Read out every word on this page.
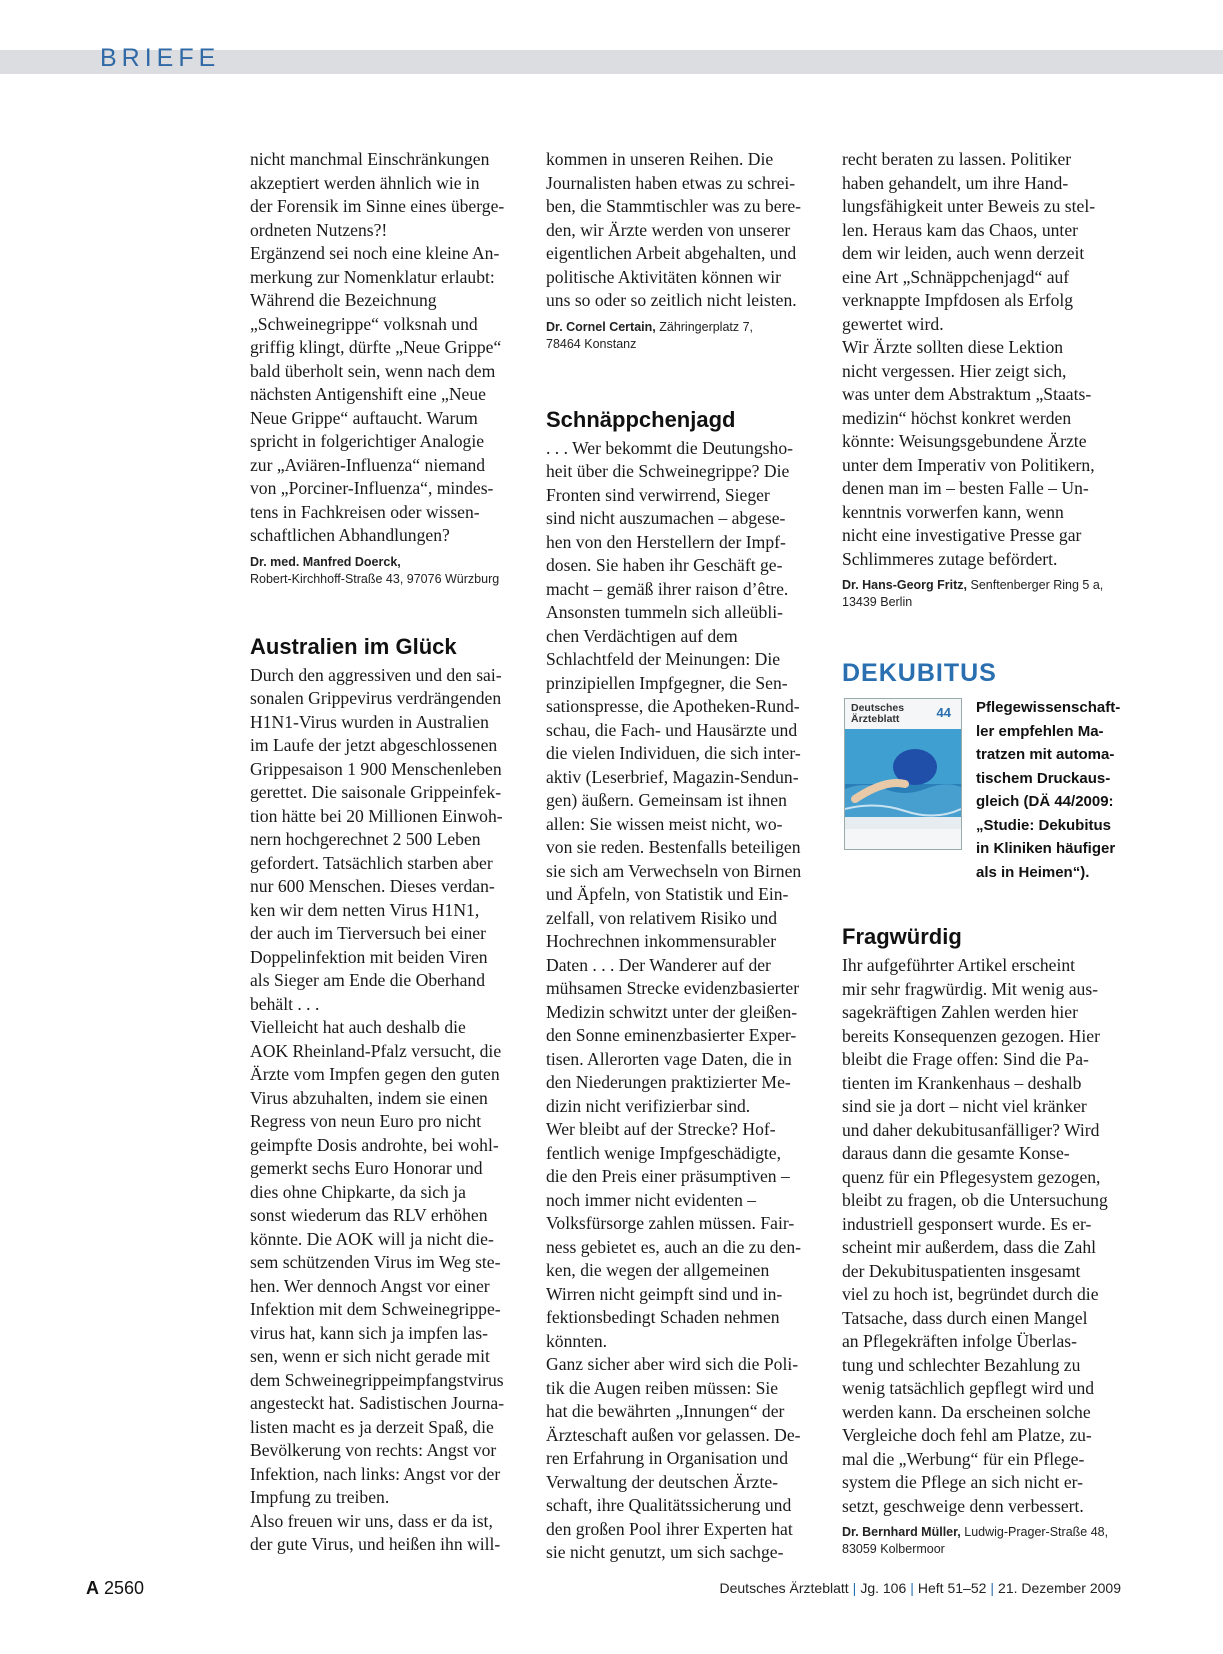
BRIEFE

nicht manchmal Einschränkungen
akzeptiert werden ähnlich wie in
der Forensik im Sinne eines überge-
ordneten Nutzens?!
Ergänzend sei noch eine kleine An-
merkung zur Nomenklatur erlaubt:
Während die Bezeichnung
„Schweinegrippe“ volksnah und
griffig klingt, dürfte „Neue Grippe“
bald überholt sein, wenn nach dem
nächsten Antigenshift eine „Neue
Neue Grippe“ auftaucht. Warum
spricht in folgerichtiger Analogie
zur „Aviären-Influenza“ niemand
von „Porciner-Influenza“, mindes-
tens in Fachkreisen oder wissen-
schaftlichen Abhandlungen?

Dr. med. Manfred Doerck,
Robert-Kirchhoff-Straße 43, 97076 Würzburg
Australien im Glück

Durch den aggressiven und den sai-
sonalen Grippevirus verdrängenden
H1N1-Virus wurden in Australien
im Laufe der jetzt abgeschlossenen
Grippesaison 1 900 Menschenleben
gerettet. Die saisonale Grippeinfek-
tion hätte bei 20 Millionen Einwoh-
nern hochgerechnet 2 500 Leben
gefordert. Tatsächlich starben aber
nur 600 Menschen. Dieses verdan-
ken wir dem netten Virus H1N1,
der auch im Tierversuch bei einer
Doppelinfektion mit beiden Viren
als Sieger am Ende die Oberhand
behält . . .
Vielleicht hat auch deshalb die
AOK Rheinland-Pfalz versucht, die
Ärzte vom Impfen gegen den guten
Virus abzuhalten, indem sie einen
Regress von neun Euro pro nicht
geimpfte Dosis androhte, bei wohl-
gemerkt sechs Euro Honorar und
dies ohne Chipkarte, da sich ja
sonst wiederum das RLV erhöhen
könnte. Die AOK will ja nicht die-
sem schützenden Virus im Weg ste-
hen. Wer dennoch Angst vor einer
Infektion mit dem Schweinegrippe-
virus hat, kann sich ja impfen las-
sen, wenn er sich nicht gerade mit
dem Schweinegrippeimpfangstvirus
angesteckt hat. Sadistischen Journa-
listen macht es ja derzeit Spaß, die
Bevölkerung von rechts: Angst vor
Infektion, nach links: Angst vor der
Impfung zu treiben.
Also freuen wir uns, dass er da ist,
der gute Virus, und heißen ihn will-

kommen in unseren Reihen. Die
Journalisten haben etwas zu schrei-
ben, die Stammtischler was zu bere-
den, wir Ärzte werden von unserer
eigentlichen Arbeit abgehalten, und
politische Aktivitäten können wir
uns so oder so zeitlich nicht leisten.

Dr. Cornel Certain, Zähringerplatz 7,
78464 Konstanz
Schnäppchenjagd

. . . Wer bekommt die Deutungsho-
heit über die Schweinegrippe? Die
Fronten sind verwirrend, Sieger
sind nicht auszumachen – abgese-
hen von den Herstellern der Impf-
dosen. Sie haben ihr Geschäft ge-
macht – gemäß ihrer raison d’être.
Ansonsten tummeln sich alleübli-
chen Verdächtigen auf dem
Schlachtfeld der Meinungen: Die
prinzipiellen Impfgegner, die Sen-
sationspresse, die Apotheken-Rund-
schau, die Fach- und Hausärzte und
die vielen Individuen, die sich inter-
aktiv (Leserbrief, Magazin-Sendun-
gen) äußern. Gemeinsam ist ihnen
allen: Sie wissen meist nicht, wo-
von sie reden. Bestenfalls beteiligen
sie sich am Verwechseln von Birnen
und Äpfeln, von Statistik und Ein-
zelfall, von relativem Risiko und
Hochrechnen inkommensurabler
Daten . . . Der Wanderer auf der
mühsamen Strecke evidenzbasierter
Medizin schwitzt unter der gleißen-
den Sonne eminenzbasierter Exper-
tisen. Allerorten vage Daten, die in
den Niederungen praktizierter Me-
dizin nicht verifizierbar sind.
Wer bleibt auf der Strecke? Hof-
fentlich wenige Impfgeschädigte,
die den Preis einer präsumptiven –
noch immer nicht evidenten –
Volksfürsorge zahlen müssen. Fair-
ness gebietet es, auch an die zu den-
ken, die wegen der allgemeinen
Wirren nicht geimpft sind und in-
fektionsbedingt Schaden nehmen
könnten.
Ganz sicher aber wird sich die Poli-
tik die Augen reiben müssen: Sie
hat die bewährten „Innungen“ der
Ärzteschaft außen vor gelassen. De-
ren Erfahrung in Organisation und
Verwaltung der deutschen Ärzte-
schaft, ihre Qualitätssicherung und
den großen Pool ihrer Experten hat
sie nicht genutzt, um sich sachge-

recht beraten zu lassen. Politiker
haben gehandelt, um ihre Hand-
lungsfähigkeit unter Beweis zu stel-
len. Heraus kam das Chaos, unter
dem wir leiden, auch wenn derzeit
eine Art „Schnäppchenjagd“ auf
verknappte Impfdosen als Erfolg
gewertet wird.
Wir Ärzte sollten diese Lektion
nicht vergessen. Hier zeigt sich,
was unter dem Abstraktum „Staats-
medizin“ höchst konkret werden
könnte: Weisungsgebundene Ärzte
unter dem Imperativ von Politikern,
denen man im – besten Falle – Un-
kenntnis vorwerfen kann, wenn
nicht eine investigative Presse gar
Schlimmeres zutage befördert.

Dr. Hans-Georg Fritz, Senftenberger Ring 5 a,
13439 Berlin
DEKUBITUS
Deutsches
Ärzteblatt	44 Pflegewissenschaft-
ler empfehlen Ma-
tratzen mit automa-
tischem Druckaus-
gleich (DÄ 44/2009:
„Studie: Dekubitus
in Kliniken häufiger
als in Heimen“).
Fragwürdig

Ihr aufgeführter Artikel erscheint
mir sehr fragwürdig. Mit wenig aus-
sagekräftigen Zahlen werden hier
bereits Konsequenzen gezogen. Hier
bleibt die Frage offen: Sind die Pa-
tienten im Krankenhaus – deshalb
sind sie ja dort – nicht viel kränker
und daher dekubitusanfälliger? Wird
daraus dann die gesamte Konse-
quenz für ein Pflegesystem gezogen,
bleibt zu fragen, ob die Untersuchung
industriell gesponsert wurde. Es er-
scheint mir außerdem, dass die Zahl
der Dekubituspatienten insgesamt
viel zu hoch ist, begründet durch die
Tatsache, dass durch einen Mangel
an Pflegekräften infolge Überlas-
tung und schlechter Bezahlung zu
wenig tatsächlich gepflegt wird und
werden kann. Da erscheinen solche
Vergleiche doch fehl am Platze, zu-
mal die „Werbung“ für ein Pflege-
system die Pflege an sich nicht er-
setzt, geschweige denn verbessert.

Dr. Bernhard Müller, Ludwig-Prager-Straße 48,
83059 Kolbermoor
A 2560	Deutsches Ärzteblatt | Jg. 106 | Heft 51–52 | 21. Dezember 2009
